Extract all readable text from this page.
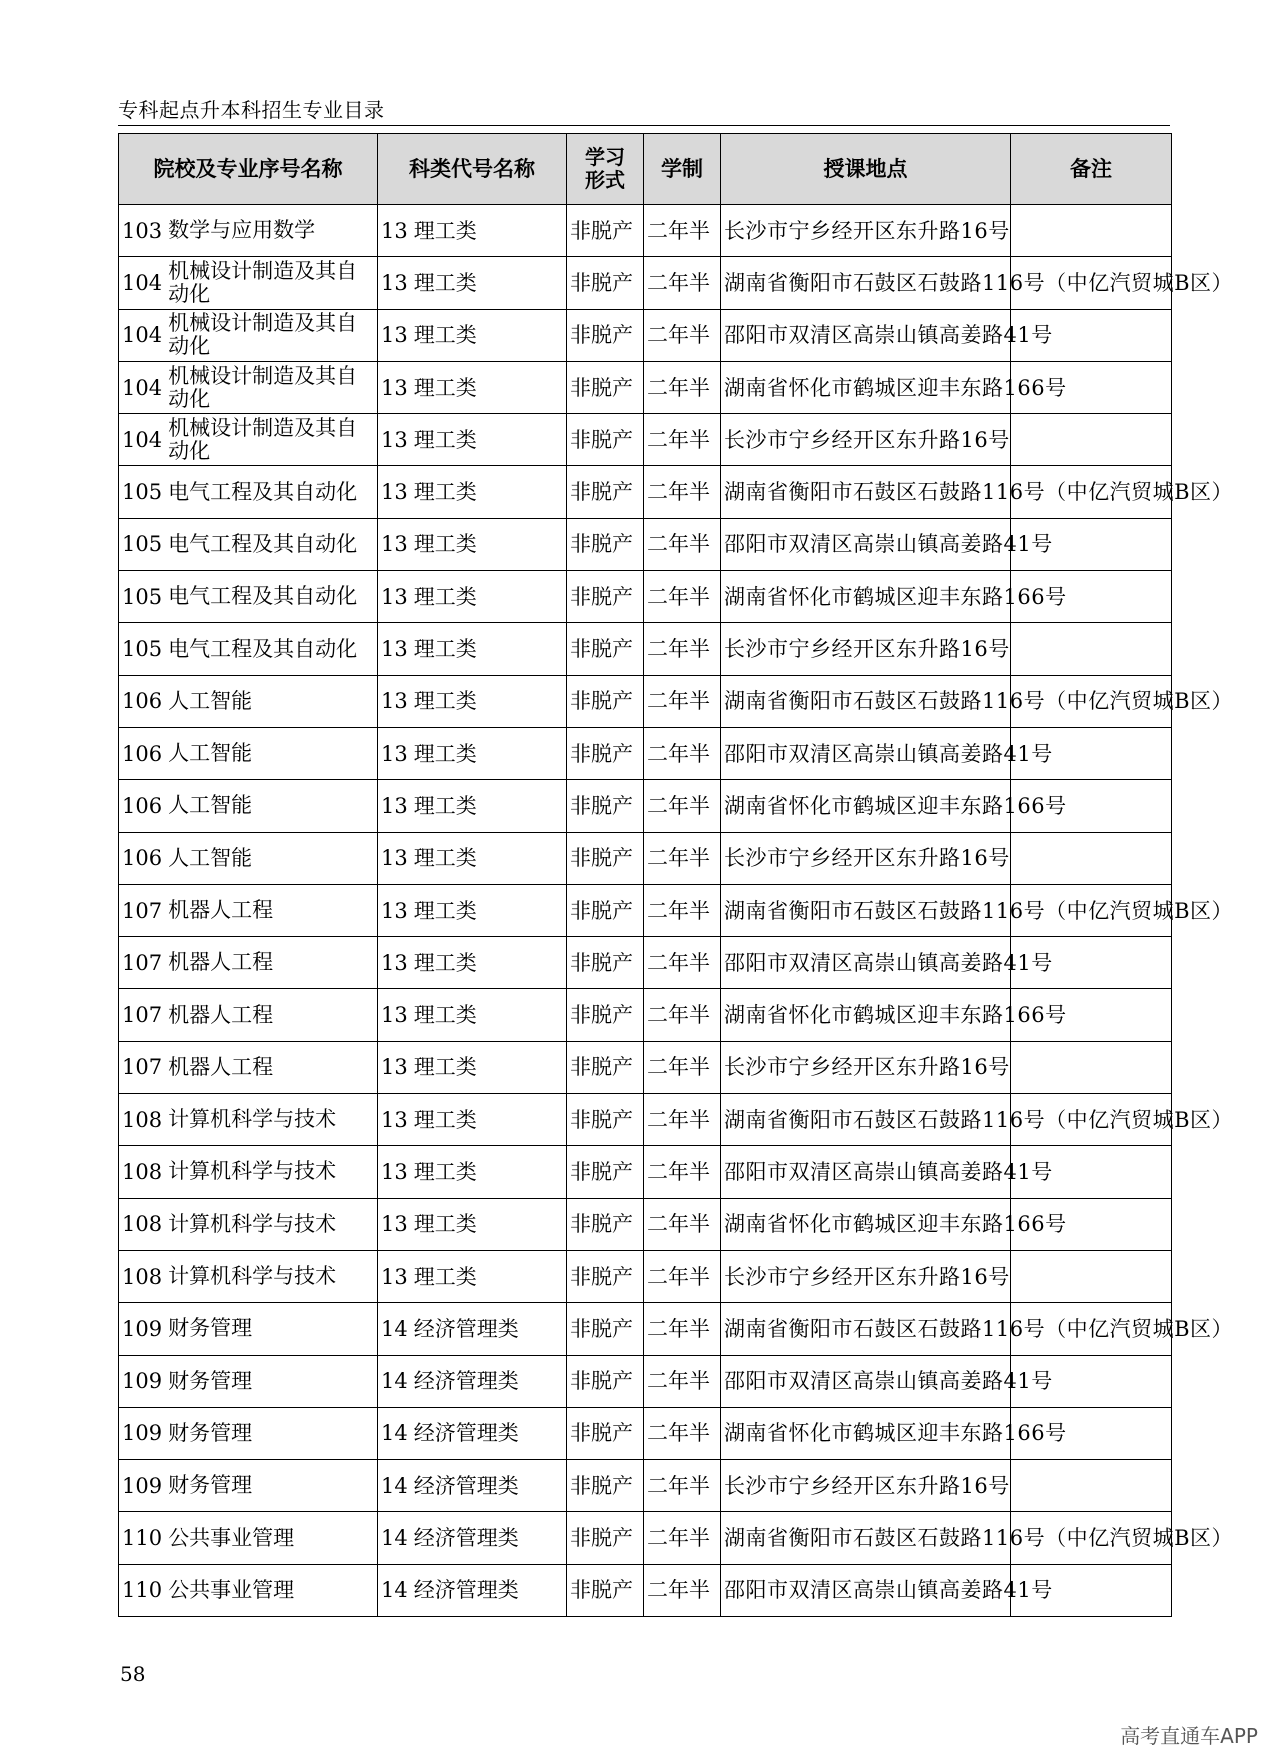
专科起点升本科招生专业目录
院校及专业序号名称	科类代号名称	学习
形式	学制	授课地点	备注

103 数学与应用数学	13 理工类	非脱产	二年半	长沙市宁乡经开区东升路16号	

104 机械设计制造及其自动化	13 理工类	非脱产	二年半	湖南省衡阳市石鼓区石鼓路116号（中亿汽贸城B区）	

104 机械设计制造及其自动化	13 理工类	非脱产	二年半	邵阳市双清区高崇山镇高姜路41号	

104 机械设计制造及其自动化	13 理工类	非脱产	二年半	湖南省怀化市鹤城区迎丰东路166号	

104 机械设计制造及其自动化	13 理工类	非脱产	二年半	长沙市宁乡经开区东升路16号	

105 电气工程及其自动化	13 理工类	非脱产	二年半	湖南省衡阳市石鼓区石鼓路116号（中亿汽贸城B区）	

105 电气工程及其自动化	13 理工类	非脱产	二年半	邵阳市双清区高崇山镇高姜路41号	

105 电气工程及其自动化	13 理工类	非脱产	二年半	湖南省怀化市鹤城区迎丰东路166号	

105 电气工程及其自动化	13 理工类	非脱产	二年半	长沙市宁乡经开区东升路16号	

106 人工智能	13 理工类	非脱产	二年半	湖南省衡阳市石鼓区石鼓路116号（中亿汽贸城B区）	

106 人工智能	13 理工类	非脱产	二年半	邵阳市双清区高崇山镇高姜路41号	

106 人工智能	13 理工类	非脱产	二年半	湖南省怀化市鹤城区迎丰东路166号	

106 人工智能	13 理工类	非脱产	二年半	长沙市宁乡经开区东升路16号	

107 机器人工程	13 理工类	非脱产	二年半	湖南省衡阳市石鼓区石鼓路116号（中亿汽贸城B区）	

107 机器人工程	13 理工类	非脱产	二年半	邵阳市双清区高崇山镇高姜路41号	

107 机器人工程	13 理工类	非脱产	二年半	湖南省怀化市鹤城区迎丰东路166号	

107 机器人工程	13 理工类	非脱产	二年半	长沙市宁乡经开区东升路16号	

108 计算机科学与技术	13 理工类	非脱产	二年半	湖南省衡阳市石鼓区石鼓路116号（中亿汽贸城B区）	

108 计算机科学与技术	13 理工类	非脱产	二年半	邵阳市双清区高崇山镇高姜路41号	

108 计算机科学与技术	13 理工类	非脱产	二年半	湖南省怀化市鹤城区迎丰东路166号	

108 计算机科学与技术	13 理工类	非脱产	二年半	长沙市宁乡经开区东升路16号	

109 财务管理	14 经济管理类	非脱产	二年半	湖南省衡阳市石鼓区石鼓路116号（中亿汽贸城B区）	

109 财务管理	14 经济管理类	非脱产	二年半	邵阳市双清区高崇山镇高姜路41号	

109 财务管理	14 经济管理类	非脱产	二年半	湖南省怀化市鹤城区迎丰东路166号	

109 财务管理	14 经济管理类	非脱产	二年半	长沙市宁乡经开区东升路16号	

110 公共事业管理	14 经济管理类	非脱产	二年半	湖南省衡阳市石鼓区石鼓路116号（中亿汽贸城B区）	

110 公共事业管理	14 经济管理类	非脱产	二年半	邵阳市双清区高崇山镇高姜路41号	
58
高考直通车APP
